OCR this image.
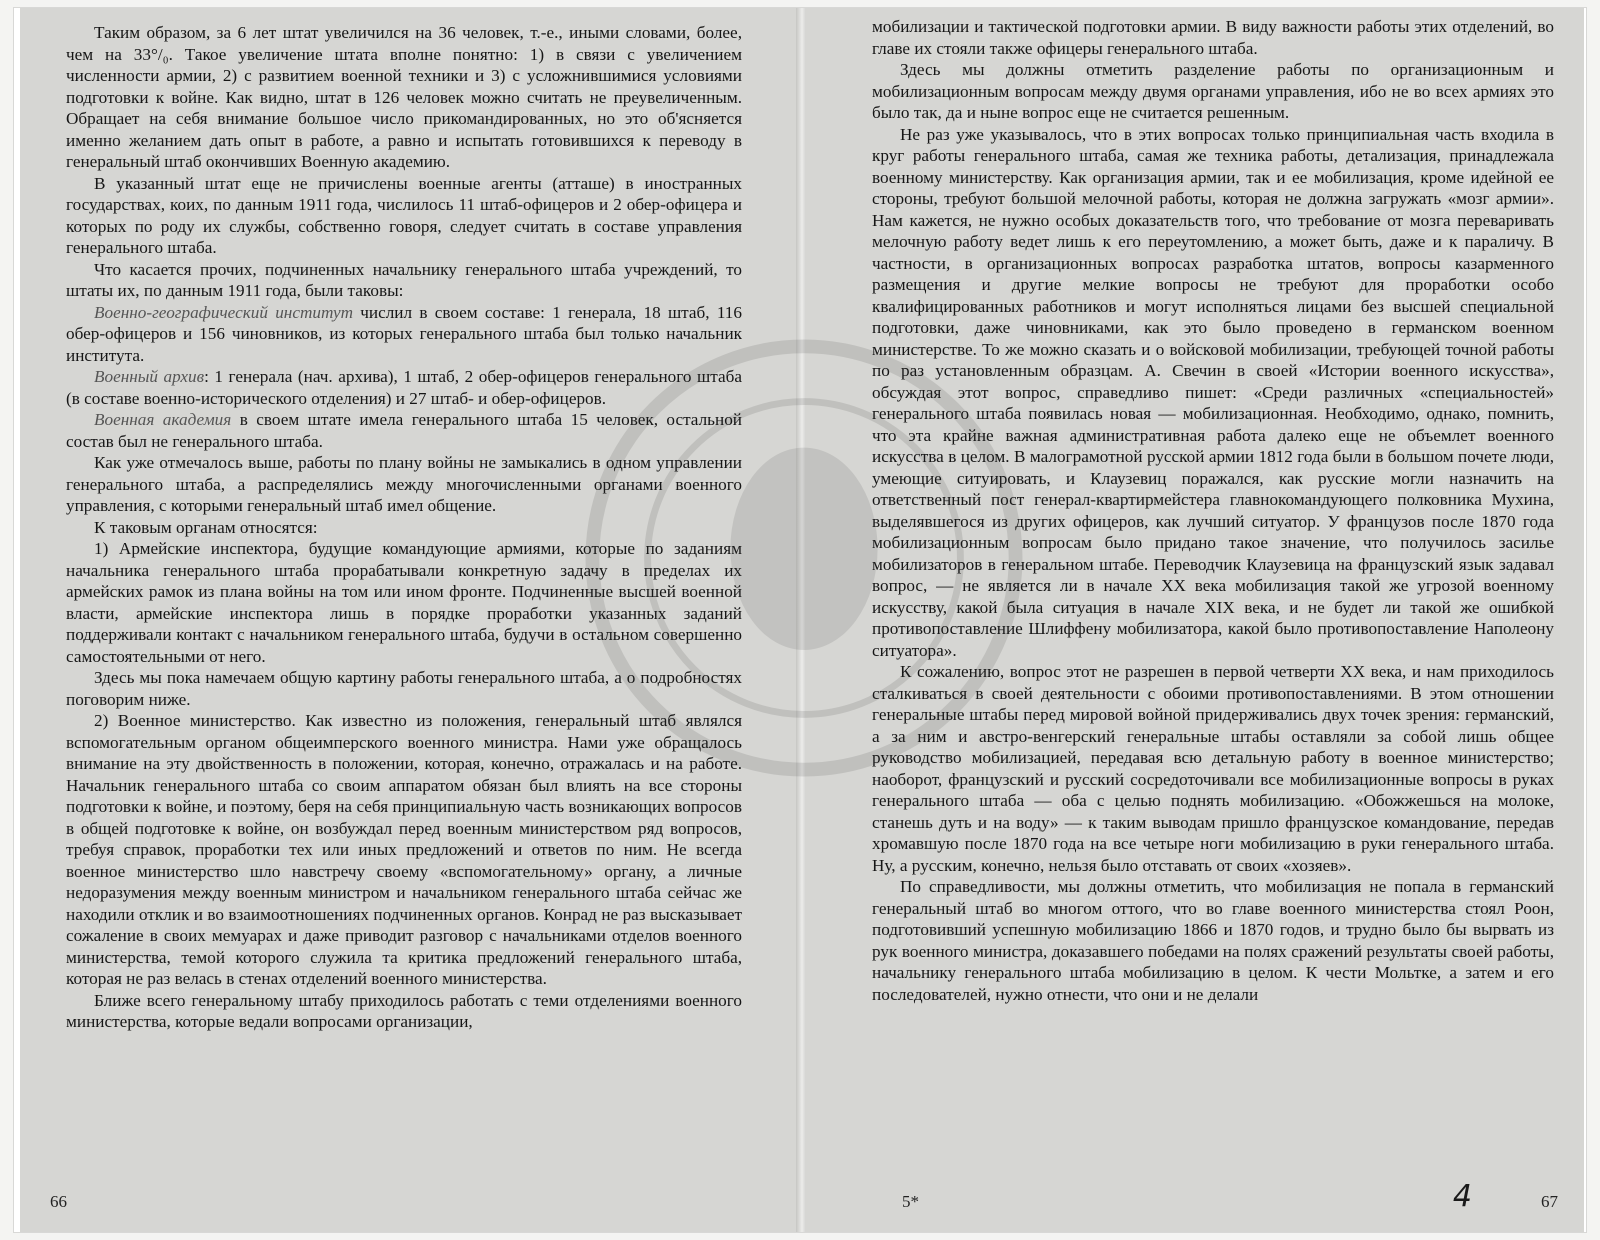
Таким образом, за 6 лет штат увеличился на 36 человек, т.-е., иными словами, более, чем на 33°/₀. Такое увеличение штата вполне понятно: 1) в связи с увеличением численности армии, 2) с развитием военной техники и 3) с усложнившимися условиями подготовки к войне. Как видно, штат в 126 человек можно считать не преувеличенным. Обращает на себя внимание большое число прикомандированных, но это об'ясняется именно желанием дать опыт в работе, а равно и испытать готовившихся к переводу в генеральный штаб окончивших Военную академию.

В указанный штат еще не причислены военные агенты (атташе) в иностранных государствах, коих, по данным 1911 года, числилось 11 штаб-офицеров и 2 обер-офицера и которых по роду их службы, собственно говоря, следует считать в составе управления генерального штаба.

Что касается прочих, подчиненных начальнику генерального штаба учреждений, то штаты их, по данным 1911 года, были таковы:

Военно-географический институт числил в своем составе: 1 генерала, 18 штаб, 116 обер-офицеров и 156 чиновников, из которых генерального штаба был только начальник института.

Военный архив: 1 генерала (нач. архива), 1 штаб, 2 обер-офицеров генерального штаба (в составе военно-исторического отделения) и 27 штаб- и обер-офицеров.

Военная академия в своем штате имела генерального штаба 15 человек, остальной состав был не генерального штаба.

Как уже отмечалось выше, работы по плану войны не замыкались в одном управлении генерального штаба, а распределялись между многочисленными органами военного управления, с которыми генеральный штаб имел общение.

К таковым органам относятся:

1) Армейские инспектора, будущие командующие армиями, которые по заданиям начальника генерального штаба прорабатывали конкретную задачу в пределах их армейских рамок из плана войны на том или ином фронте. Подчиненные высшей военной власти, армейские инспектора лишь в порядке проработки указанных заданий поддерживали контакт с начальником генерального штаба, будучи в остальном совершенно самостоятельными от него.

Здесь мы пока намечаем общую картину работы генерального штаба, а о подробностях поговорим ниже.

2) Военное министерство. Как известно из положения, генеральный штаб являлся вспомогательным органом общеимперского военного министра. Нами уже обращалось внимание на эту двойственность в положении, которая, конечно, отражалась и на работе. Начальник генерального штаба со своим аппаратом обязан был влиять на все стороны подготовки к войне, и поэтому, беря на себя принципиальную часть возникающих вопросов в общей подготовке к войне, он возбуждал перед военным министерством ряд вопросов, требуя справок, проработки тех или иных предложений и ответов по ним. Не всегда военное министерство шло навстречу своему «вспомогательному» органу, а личные недоразумения между военным министром и начальником генерального штаба сейчас же находили отклик и во взаимоотношениях подчиненных органов. Конрад не раз высказывает сожаление в своих мемуарах и даже приводит разговор с начальниками отделов военного министерства, темой которого служила та критика предложений генерального штаба, которая не раз велась в стенах отделений военного министерства.

Ближе всего генеральному штабу приходилось работать с теми отделениями военного министерства, которые ведали вопросами организации,

66

мобилизации и тактической подготовки армии. В виду важности работы этих отделений, во главе их стояли также офицеры генерального штаба.

Здесь мы должны отметить разделение работы по организационным и мобилизационным вопросам между двумя органами управления, ибо не во всех армиях это было так, да и ныне вопрос еще не считается решенным.

Не раз уже указывалось, что в этих вопросах только принципиальная часть входила в круг работы генерального штаба, самая же техника работы, детализация, принадлежала военному министерству. Как организация армии, так и ее мобилизация, кроме идейной ее стороны, требуют большой мелочной работы, которая не должна загружать «мозг армии». Нам кажется, не нужно особых доказательств того, что требование от мозга переваривать мелочную работу ведет лишь к его переутомлению, а может быть, даже и к параличу. В частности, в организационных вопросах разработка штатов, вопросы казарменного размещения и другие мелкие вопросы не требуют для проработки особо квалифицированных работников и могут исполняться лицами без высшей специальной подготовки, даже чиновниками, как это было проведено в германском военном министерстве. То же можно сказать и о войсковой мобилизации, требующей точной работы по раз установленным образцам. А. Свечин в своей «Истории военного искусства», обсуждая этот вопрос, справедливо пишет: «Среди различных «специальностей» генерального штаба появилась новая — мобилизационная. Необходимо, однако, помнить, что эта крайне важная административная работа далеко еще не объемлет военного искусства в целом. В малограмотной русской армии 1812 года были в большом почете люди, умеющие ситуировать, и Клаузевиц поражался, как русские могли назначить на ответственный пост генерал-квартирмейстера главнокомандующего полковника Мухина, выделявшегося из других офицеров, как лучший ситуатор. У французов после 1870 года мобилизационным вопросам было придано такое значение, что получилось засилье мобилизаторов в генеральном штабе. Переводчик Клаузевица на французский язык задавал вопрос, — не является ли в начале XX века мобилизация такой же угрозой военному искусству, какой была ситуация в начале XIX века, и не будет ли такой же ошибкой противопоставление Шлиффену мобилизатора, какой было противопоставление Наполеону ситуатора».

К сожалению, вопрос этот не разрешен в первой четверти XX века, и нам приходилось сталкиваться в своей деятельности с обоими противопоставлениями. В этом отношении генеральные штабы перед мировой войной придерживались двух точек зрения: германский, а за ним и австро-венгерский генеральные штабы оставляли за собой лишь общее руководство мобилизацией, передавая всю детальную работу в военное министерство; наоборот, французский и русский сосредоточивали все мобилизационные вопросы в руках генерального штаба — оба с целью поднять мобилизацию. «Обожжешься на молоке, станешь дуть и на воду» — к таким выводам пришло французское командование, передав хромавшую после 1870 года на все четыре ноги мобилизацию в руки генерального штаба. Ну, а русским, конечно, нельзя было отставать от своих «хозяев».

По справедливости, мы должны отметить, что мобилизация не попала в германский генеральный штаб во многом оттого, что во главе военного министерства стоял Роон, подготовивший успешную мобилизацию 1866 и 1870 годов, и трудно было бы вырвать из рук военного министра, доказавшего победами на полях сражений результаты своей работы, начальнику генерального штаба мобилизацию в целом. К чести Мольтке, а затем и его последователей, нужно отнести, что они и не делали

5*	4	67
